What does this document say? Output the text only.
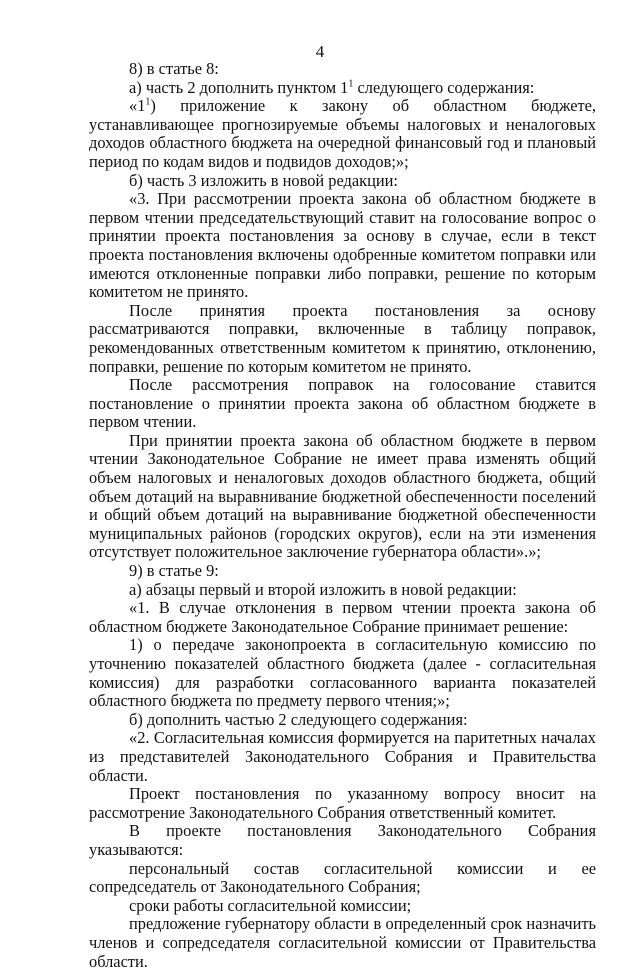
4

8) в статье 8:

а) часть 2 дополнить пунктом $1^1$ следующего содержания:

«$1^1$) приложение к закону об областном бюджете, устанавливающее прогнозируемые объемы налоговых и неналоговых доходов областного бюджета на очередной финансовый год и плановый период по кодам видов и подвидов доходов;»;

б) часть 3 изложить в новой редакции:

«3. При рассмотрении проекта закона об областном бюджете в первом чтении председательствующий ставит на голосование вопрос о принятии проекта постановления за основу в случае, если в текст проекта постановления включены одобренные комитетом поправки или имеются отклоненные поправки либо поправки, решение по которым комитетом не принято.

После принятия проекта постановления за основу рассматриваются поправки, включенные в таблицу поправок, рекомендованных ответственным комитетом к принятию, отклонению, поправки, решение по которым комитетом не принято.

После рассмотрения поправок на голосование ставится постановление о принятии проекта закона об областном бюджете в первом чтении.

При принятии проекта закона об областном бюджете в первом чтении Законодательное Собрание не имеет права изменять общий объем налоговых и неналоговых доходов областного бюджета, общий объем дотаций на выравнивание бюджетной обеспеченности поселений и общий объем дотаций на выравнивание бюджетной обеспеченности муниципальных районов (городских округов), если на эти изменения отсутствует положительное заключение губернатора области».»;

9) в статье 9:

а) абзацы первый и второй изложить в новой редакции:

«1. В случае отклонения в первом чтении проекта закона об областном бюджете Законодательное Собрание принимает решение:

1) о передаче законопроекта в согласительную комиссию по уточнению показателей областного бюджета (далее - согласительная комиссия) для разработки согласованного варианта показателей областного бюджета по предмету первого чтения;»;

б) дополнить частью 2 следующего содержания:

«2. Согласительная комиссия формируется на паритетных началах из представителей Законодательного Собрания и Правительства области.

Проект постановления по указанному вопросу вносит на рассмотрение Законодательного Собрания ответственный комитет.

В проекте постановления Законодательного Собрания указываются:

персональный состав согласительной комиссии и ее сопредседатель от Законодательного Собрания;

сроки работы согласительной комиссии;

предложение губернатору области в определенный срок назначить членов и сопредседателя согласительной комиссии от Правительства области.
